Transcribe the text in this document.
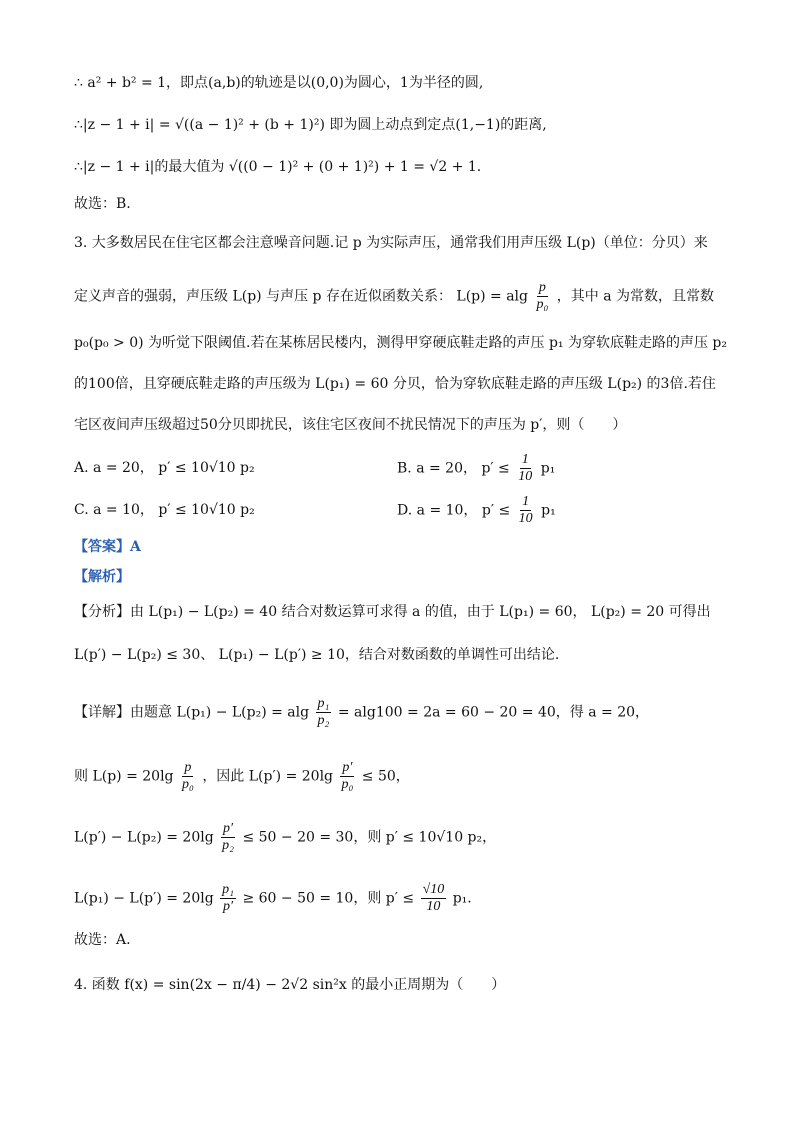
∴ a² + b² = 1，即点(a,b)的轨迹是以(0,0)为圆心，1为半径的圆,
∴|z − 1 + i| = √((a − 1)² + (b + 1)²) 即为圆上动点到定点(1,−1)的距离,
∴|z − 1 + i|的最大值为 √((0 − 1)² + (0 + 1)²) + 1 = √2 + 1.
故选：B.
3. 大多数居民在住宅区都会注意噪音问题.记 p 为实际声压，通常我们用声压级 L(p)（单位：分贝）来
定义声音的强弱，声压级 L(p) 与声压 p 存在近似函数关系： L(p) = alg $\frac{p}{\text{p₀}}$ ，其中 a 为常数，且常数
p₀(p₀ > 0) 为听觉下限阈值.若在某栋居民楼内，测得甲穿硬底鞋走路的声压 p₁ 为穿软底鞋走路的声压 p₂
的100倍，且穿硬底鞋走路的声压级为 L(p₁) = 60 分贝，恰为穿软底鞋走路的声压级 L(p₂) 的3倍.若住
宅区夜间声压级超过50分贝即扰民，该住宅区夜间不扰民情况下的声压为 p′，则（　　）
A. a = 20， p′ ≤ 10√10 p₂	B. a = 20， $p' \le \frac{1}{10} p_1$
C. a = 10， p′ ≤ 10√10 p₂	D. a = 10， $p' \le \frac{1}{10} p_1$
【答案】A
【解析】
【分析】由 L(p₁) − L(p₂) = 40 结合对数运算可求得 a 的值，由于 L(p₁) = 60， L(p₂) = 20 可得出
L(p′) − L(p₂) ≤ 30、 L(p₁) − L(p′) ≥ 10，结合对数函数的单调性可出结论.
【详解】由题意 L(p₁) − L(p₂) = alg $\frac{\text{p₁}}{\text{p₂}} = alg100 = 2a = 60 - 20 = 40$，得 a = 20，
则 $L(p) = 20\lg \frac{p}{\text{p₀}}$ ，因此 $L(p') = 20\lg \frac{p'}{\text{p₀}} \le 50$，
$L(p') - L(p_2) = 20\lg \frac{p'}{\text{p₂}} \le 50 - 20 = 30$，则 p′ ≤ 10√10 p₂，
$L(p_1) - L(p') = 20\lg \frac{\text{p₁}}{p'} \ge 60 - 50 = 10$，则 $p' \le \frac{√10}{10} p_1$.
故选：A.
4. 函数 f(x) = sin(2x − π/4) − 2√2 sin²x 的最小正周期为（　　）
